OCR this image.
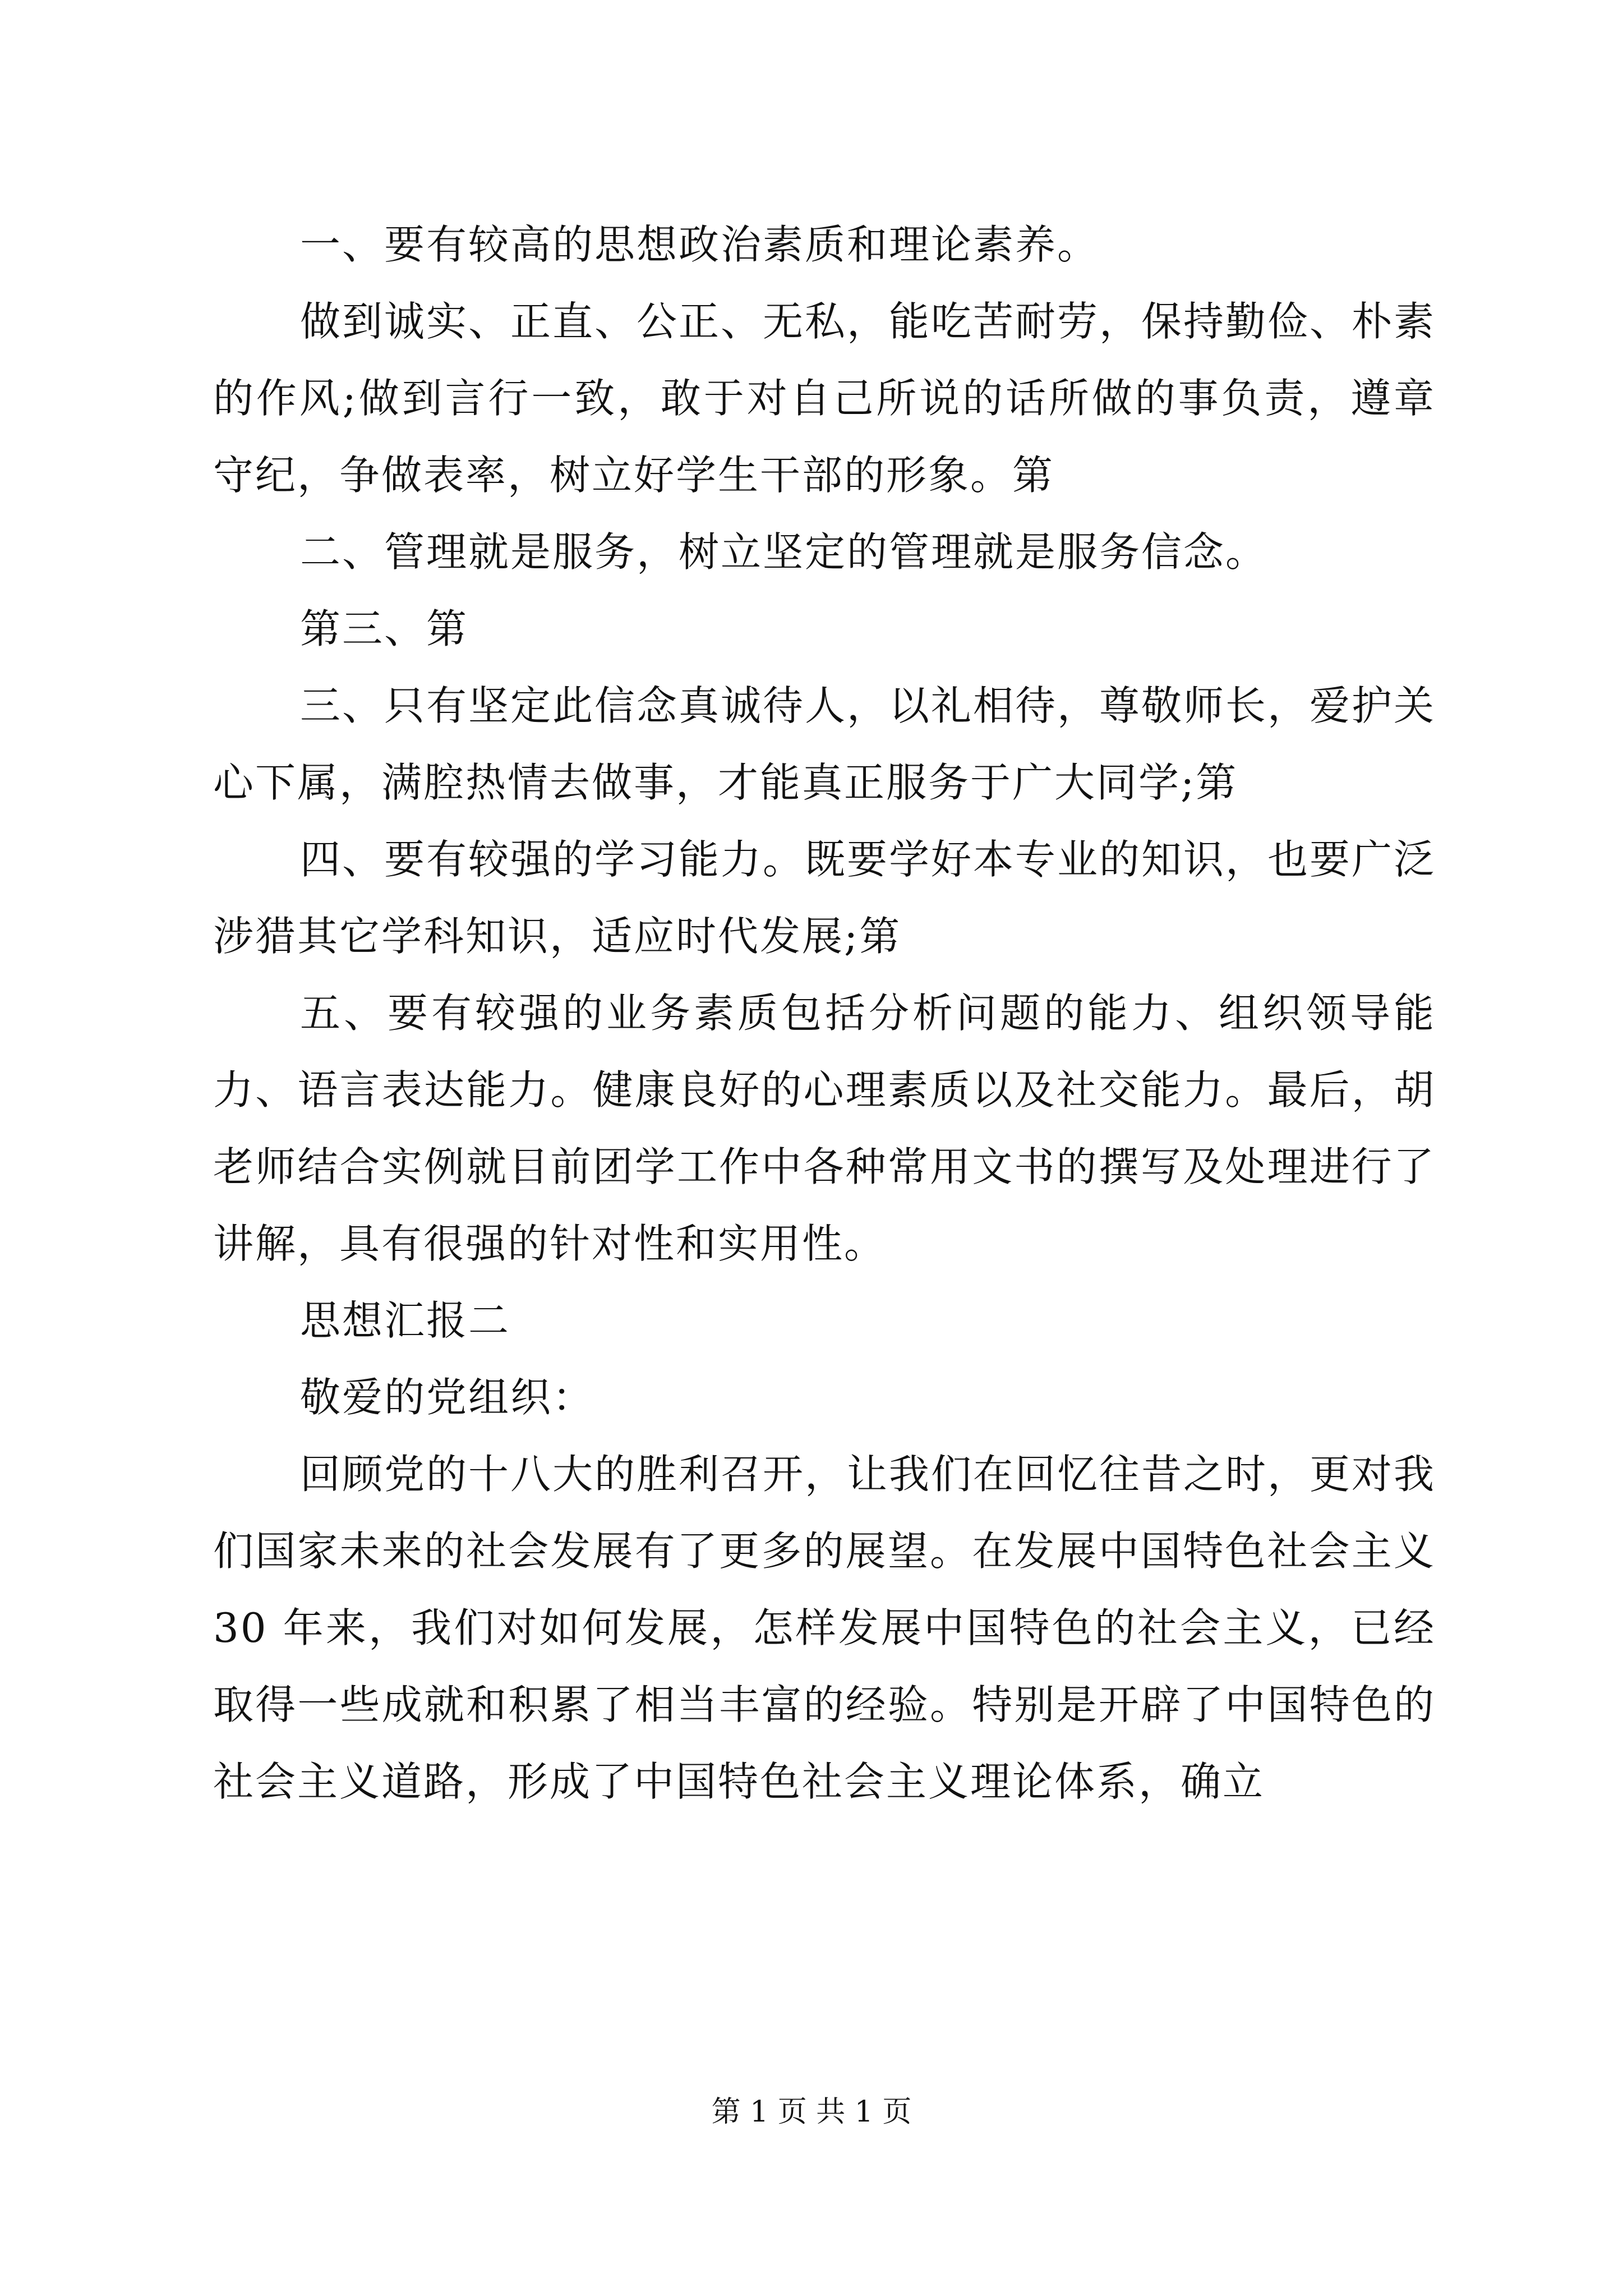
一、要有较高的思想政治素质和理论素养。

做到诚实、正直、公正、无私，能吃苦耐劳，保持勤俭、朴素的作风;做到言行一致，敢于对自己所说的话所做的事负责，遵章守纪，争做表率，树立好学生干部的形象。第

二、管理就是服务，树立坚定的管理就是服务信念。

第三、第

三、只有坚定此信念真诚待人，以礼相待，尊敬师长，爱护关心下属，满腔热情去做事，才能真正服务于广大同学;第

四、要有较强的学习能力。既要学好本专业的知识，也要广泛涉猎其它学科知识，适应时代发展;第

五、要有较强的业务素质包括分析问题的能力、组织领导能力、语言表达能力。健康良好的心理素质以及社交能力。最后，胡老师结合实例就目前团学工作中各种常用文书的撰写及处理进行了讲解，具有很强的针对性和实用性。

思想汇报二

敬爱的党组织：

回顾党的十八大的胜利召开，让我们在回忆往昔之时，更对我们国家未来的社会发展有了更多的展望。在发展中国特色社会主义 30 年来，我们对如何发展，怎样发展中国特色的社会主义，已经取得一些成就和积累了相当丰富的经验。特别是开辟了中国特色的社会主义道路，形成了中国特色社会主义理论体系，确立

第 1 页 共 1 页
